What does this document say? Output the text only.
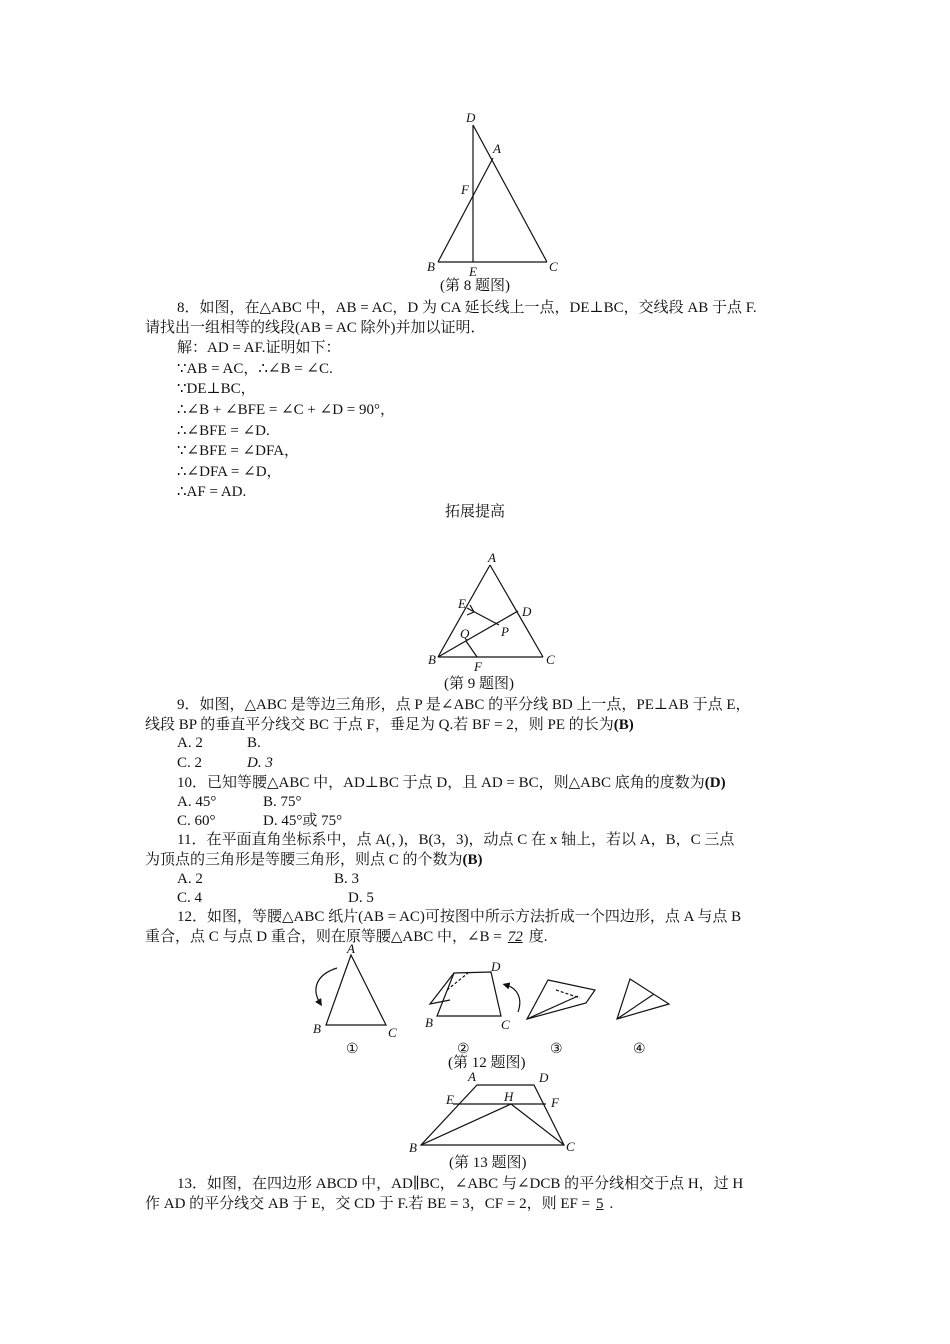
D
A
F
B	E	C
(第 8 题图)
8．如图，在△ABC 中，AB = AC，D 为 CA 延长线上一点，DE⊥BC，交线段 AB 于点 F.
请找出一组相等的线段(AB = AC 除外)并加以证明．
解：AD = AF.证明如下：
∵AB = AC，∴∠B = ∠C.
∵DE⊥BC，
∴∠B + ∠BFE = ∠C + ∠D = 90°，
∴∠BFE = ∠D.
∵∠BFE = ∠DFA，
∴∠DFA = ∠D，
∴AF = AD.
拓展提高
A
E
D
P
Q
B	F	C
(第 9 题图)
9．如图，△ABC 是等边三角形，点 P 是∠ABC 的平分线 BD 上一点，PE⊥AB 于点 E，
线段 BP 的垂直平分线交 BC 于点 F，垂足为 Q.若 BF = 2，则 PE 的长为(B)
A. 2	B.
C. 2	D. 3
10．已知等腰△ABC 中，AD⊥BC 于点 D，且 AD = BC，则△ABC 底角的度数为(D)
A. 45°	B. 75°
C. 60°	D. 45°或 75°
11．在平面直角坐标系中，点 A(，)，B(3，3)，动点 C 在 x 轴上，若以 A，B，C 三点
为顶点的三角形是等腰三角形，则点 C 的个数为(B)
A. 2	B. 3
C. 4	D. 5
12．如图，等腰△ABC 纸片(AB = AC)可按图中所示方法折成一个四边形，点 A 与点 B
重合，点 C 与点 D 重合，则在原等腰△ABC 中，∠B = 72 度.
A
B	C
①
D
B	C
②	③	④
(第 12 题图)
A	D
E	H	F
B	C
(第 13 题图)
13．如图，在四边形 ABCD 中，AD∥BC，∠ABC 与∠DCB 的平分线相交于点 H，过 H
作 AD 的平分线交 AB 于 E，交 CD 于 F.若 BE = 3，CF = 2，则 EF = 5 .
